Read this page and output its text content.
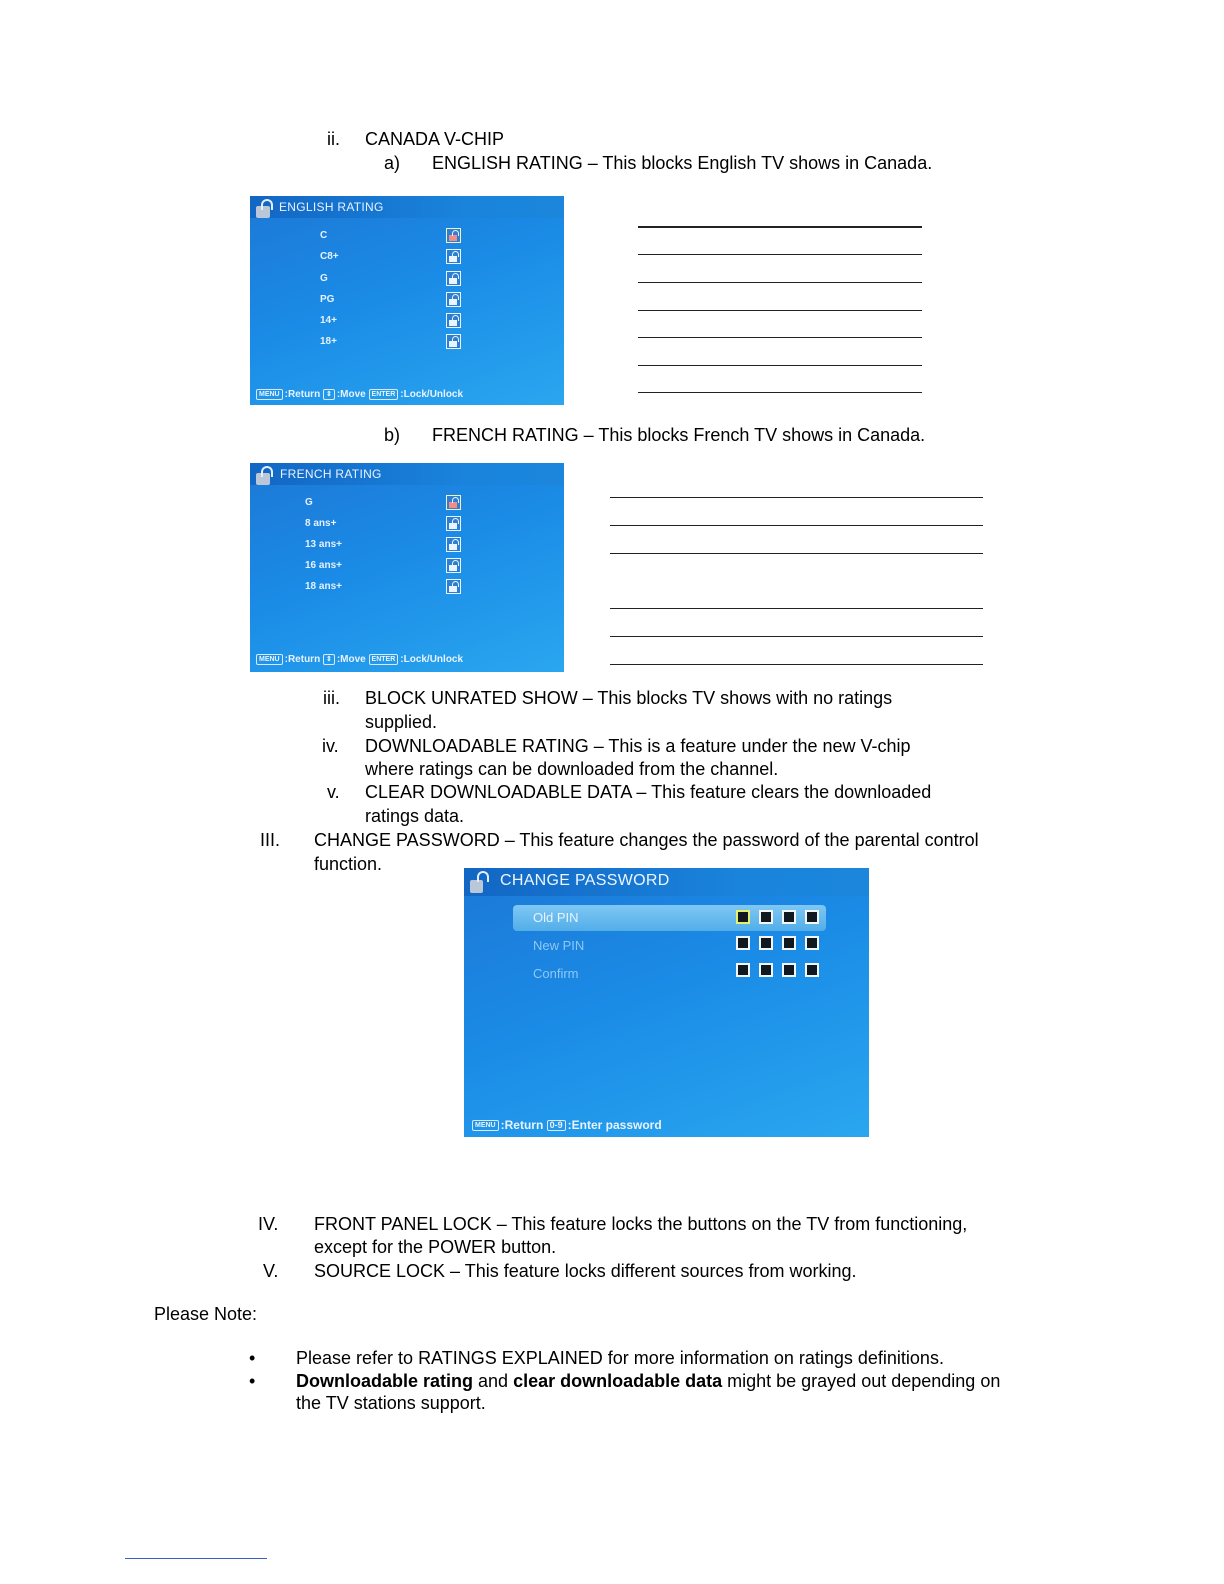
ii. CANADA V-CHIP
a) ENGLISH RATING – This blocks English TV shows in Canada.
ENGLISH RATING
C
C8+
G
PG
14+
18+
MENU :Return ⇕ :Move ENTER :Lock/Unlock
b) FRENCH RATING – This blocks French TV shows in Canada.
FRENCH RATING
G
8 ans+
13 ans+
16 ans+
18 ans+
MENU :Return ⇕ :Move ENTER :Lock/Unlock
iii. BLOCK UNRATED SHOW – This blocks TV shows with no ratings
supplied.
iv. DOWNLOADABLE RATING – This is a feature under the new V-chip
where ratings can be downloaded from the channel.
v. CLEAR DOWNLOADABLE DATA – This feature clears the downloaded
ratings data.
III. CHANGE PASSWORD – This feature changes the password of the parental control
function.
CHANGE PASSWORD
Old PIN
New PIN
Confirm
MENU :Return 0-9 :Enter password
IV. FRONT PANEL LOCK – This feature locks the buttons on the TV from functioning,
except for the POWER button.
V. SOURCE LOCK – This feature locks different sources from working.
Please Note:
• Please refer to RATINGS EXPLAINED for more information on ratings definitions.
• Downloadable rating and clear downloadable data might be grayed out depending on
the TV stations support.
